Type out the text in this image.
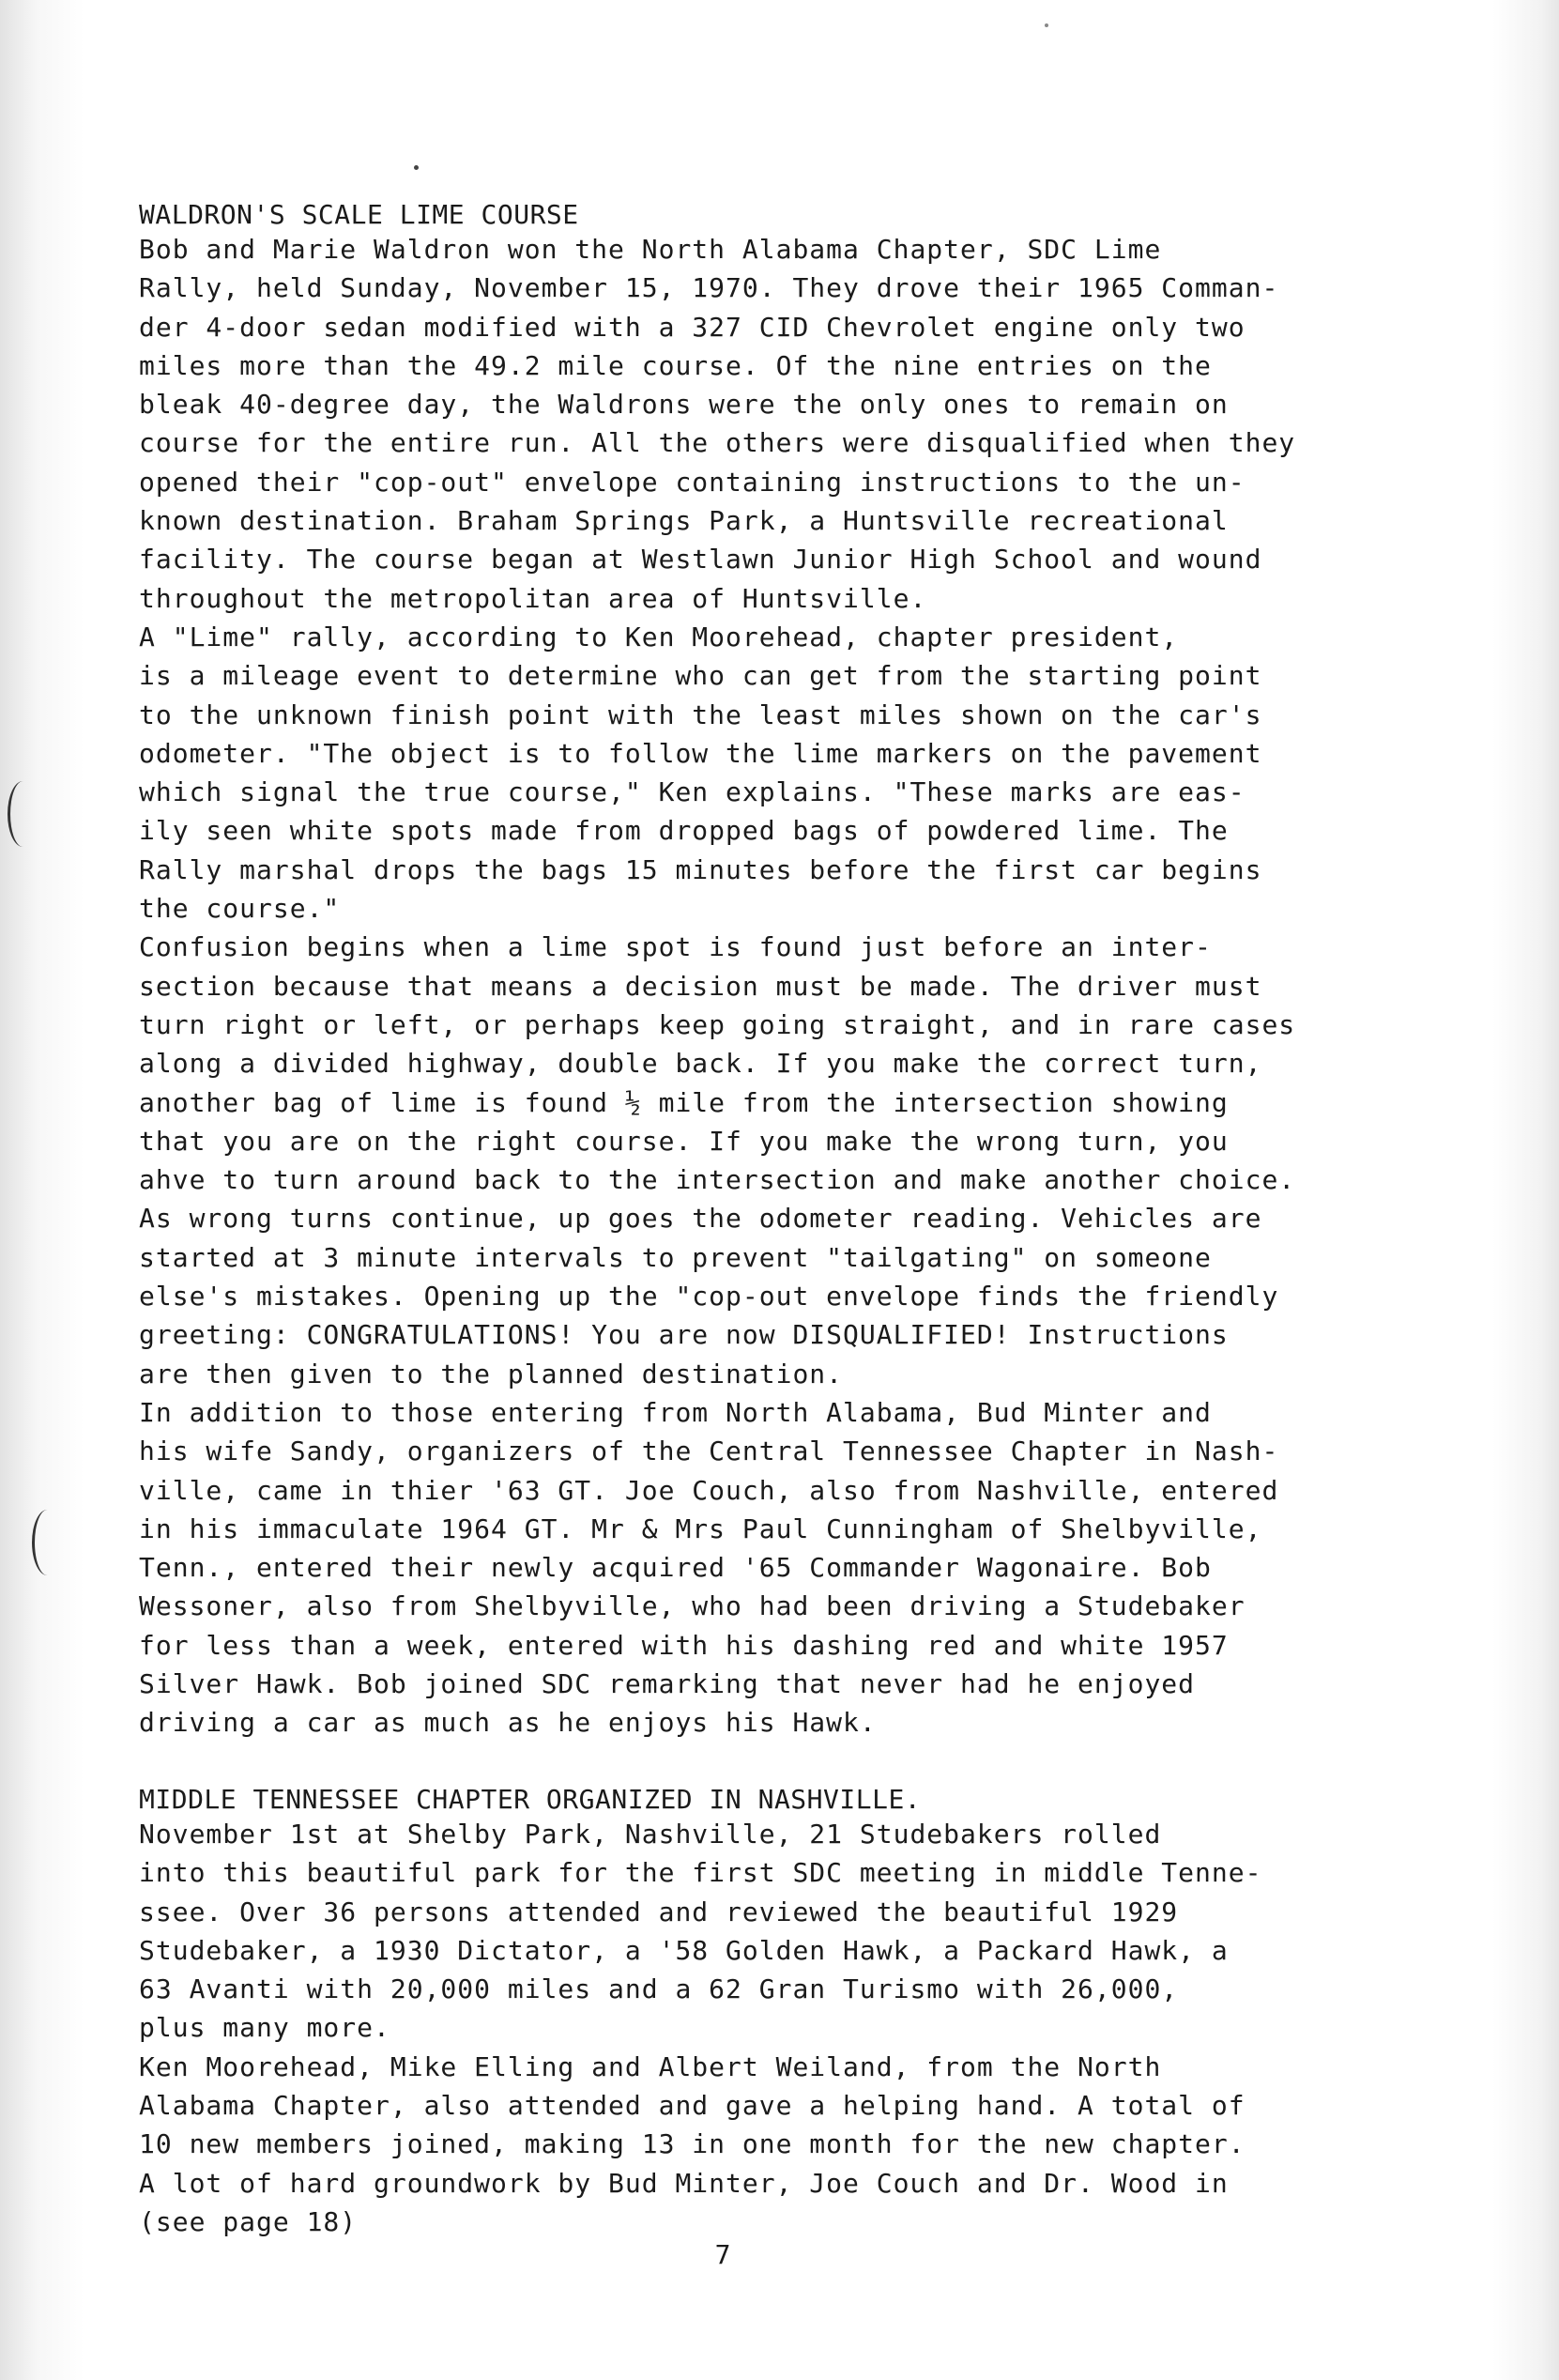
WALDRON'S SCALE LIME COURSE
Bob and Marie Waldron won the North Alabama Chapter, SDC Lime
Rally, held Sunday, November 15, 1970. They drove their 1965 Comman-
der 4-door sedan modified with a 327 CID Chevrolet engine only two
miles more than the 49.2 mile course. Of the nine entries on the
bleak 40-degree day, the Waldrons were the only ones to remain on
course for the entire run. All the others were disqualified when they
opened their "cop-out" envelope containing instructions to the un-
known destination. Braham Springs Park, a Huntsville recreational
facility. The course began at Westlawn Junior High School and wound
throughout the metropolitan area of Huntsville.
A "Lime" rally, according to Ken Moorehead, chapter president,
is a mileage event to determine who can get from the starting point
to the unknown finish point with the least miles shown on the car's
odometer. "The object is to follow the lime markers on the pavement
which signal the true course," Ken explains. "These marks are eas-
ily seen white spots made from dropped bags of powdered lime. The
Rally marshal drops the bags 15 minutes before the first car begins
the course."
Confusion begins when a lime spot is found just before an inter-
section because that means a decision must be made. The driver must
turn right or left, or perhaps keep going straight, and in rare cases
along a divided highway, double back. If you make the correct turn,
another bag of lime is found ½ mile from the intersection showing
that you are on the right course. If you make the wrong turn, you
ahve to turn around back to the intersection and make another choice.
As wrong turns continue, up goes the odometer reading. Vehicles are
started at 3 minute intervals to prevent "tailgating" on someone
else's mistakes. Opening up the "cop-out envelope finds the friendly
greeting: CONGRATULATIONS! You are now DISQUALIFIED! Instructions
are then given to the planned destination.
In addition to those entering from North Alabama, Bud Minter and
his wife Sandy, organizers of the Central Tennessee Chapter in Nash-
ville, came in thier '63 GT. Joe Couch, also from Nashville, entered
in his immaculate 1964 GT. Mr & Mrs Paul Cunningham of Shelbyville,
Tenn., entered their newly acquired '65 Commander Wagonaire. Bob
Wessoner, also from Shelbyville, who had been driving a Studebaker
for less than a week, entered with his dashing red and white 1957
Silver Hawk. Bob joined SDC remarking that never had he enjoyed
driving a car as much as he enjoys his Hawk.
MIDDLE TENNESSEE CHAPTER ORGANIZED IN NASHVILLE.
November 1st at Shelby Park, Nashville, 21 Studebakers rolled
into this beautiful park for the first SDC meeting in middle Tenne-
ssee. Over 36 persons attended and reviewed the beautiful 1929
Studebaker, a 1930 Dictator, a '58 Golden Hawk, a Packard Hawk, a
63 Avanti with 20,000 miles and a 62 Gran Turismo with 26,000,
plus many more.
Ken Moorehead, Mike Elling and Albert Weiland, from the North
Alabama Chapter, also attended and gave a helping hand. A total of
10 new members joined, making 13 in one month for the new chapter.
A lot of hard groundwork by Bud Minter, Joe Couch and Dr. Wood in
(see page 18)
7
